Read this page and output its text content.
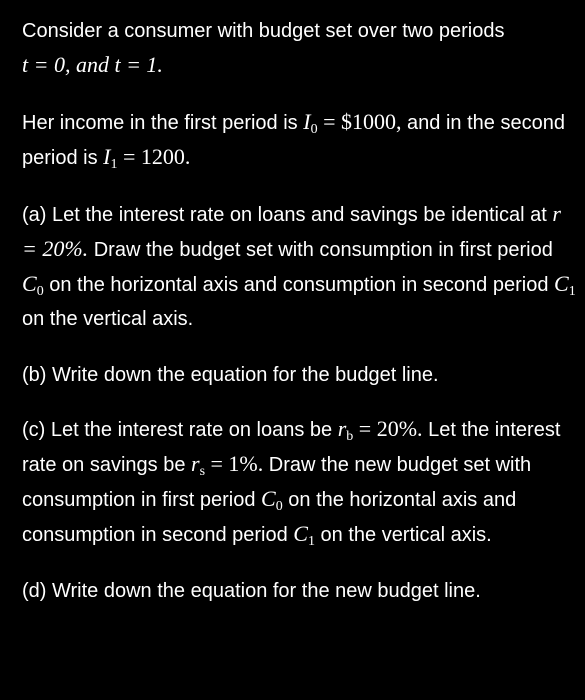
Consider a consumer with budget set over two periods
t = 0, and t = 1.

Her income in the first period is $I_0$ = $1000, and in the second period is $I_1 = 1200$.

(a) Let the interest rate on loans and savings be identical at r = 20%. Draw the budget set with consumption in first period $C_0$ on the horizontal axis and consumption in second period $C_1$ on the vertical axis.

(b) Write down the equation for the budget line.

(c) Let the interest rate on loans be $r_b = 20\%$. Let the interest rate on savings be $r_s = 1\%$. Draw the new budget set with consumption in first period $C_0$ on the horizontal axis and consumption in second period $C_1$ on the vertical axis.

(d) Write down the equation for the new budget line.
